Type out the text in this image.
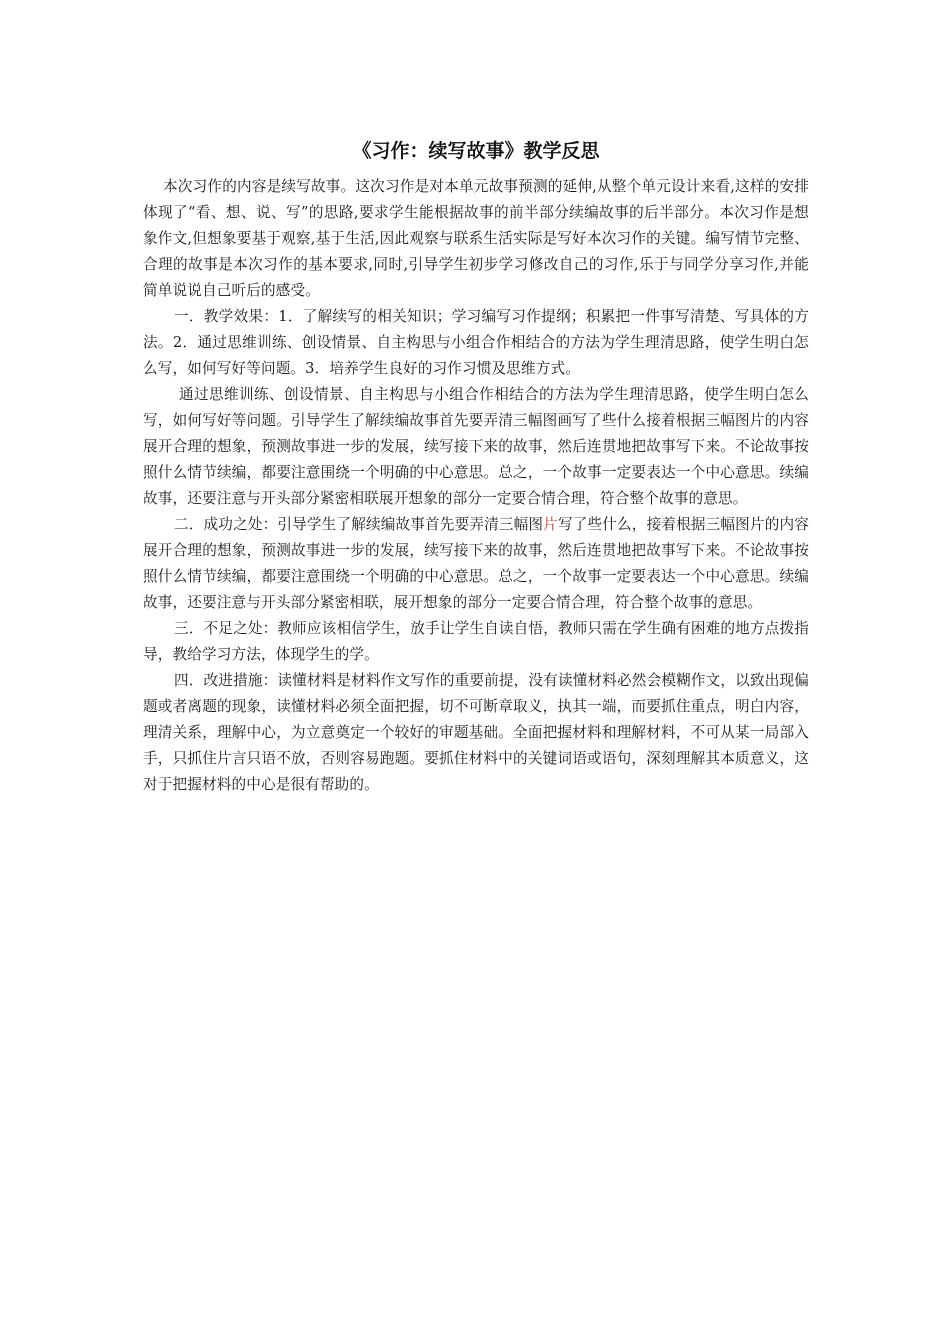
《习作：续写故事》教学反思

本次习作的内容是续写故事。这次习作是对本单元故事预测的延伸,从整个单元设计来看,这样的安排体现了“看、想、说、写”的思路,要求学生能根据故事的前半部分续编故事的后半部分。本次习作是想象作文,但想象要基于观察,基于生活,因此观察与联系生活实际是写好本次习作的关键。编写情节完整、合理的故事是本次习作的基本要求,同时,引导学生初步学习修改自己的习作,乐于与同学分享习作,并能简单说说自己听后的感受。

一．教学效果：1．了解续写的相关知识；学习编写习作提纲；积累把一件事写清楚、写具体的方法。2．通过思维训练、创设情景、自主构思与小组合作相结合的方法为学生理清思路，使学生明白怎么写，如何写好等问题。3．培养学生良好的习作习惯及思维方式。

通过思维训练、创设情景、自主构思与小组合作相结合的方法为学生理清思路，使学生明白怎么写，如何写好等问题。引导学生了解续编故事首先要弄清三幅图画写了些什么接着根据三幅图片的内容展开合理的想象，预测故事进一步的发展，续写接下来的故事，然后连贯地把故事写下来。不论故事按照什么情节续编，都要注意围绕一个明确的中心意思。总之，一个故事一定要表达一个中心意思。续编故事，还要注意与开头部分紧密相联展开想象的部分一定要合情合理，符合整个故事的意思。

二．成功之处：引导学生了解续编故事首先要弄清三幅图片写了些什么，接着根据三幅图片的内容展开合理的想象，预测故事进一步的发展，续写接下来的故事，然后连贯地把故事写下来。不论故事按照什么情节续编，都要注意围绕一个明确的中心意思。总之，一个故事一定要表达一个中心意思。续编故事，还要注意与开头部分紧密相联，展开想象的部分一定要合情合理，符合整个故事的意思。

三．不足之处：教师应该相信学生，放手让学生自读自悟，教师只需在学生确有困难的地方点拨指导，教给学习方法，体现学生的学。

四．改进措施：读懂材料是材料作文写作的重要前提，没有读懂材料必然会模糊作文，以致出现偏题或者离题的现象，读懂材料必须全面把握，切不可断章取义，执其一端，而要抓住重点，明白内容，理清关系，理解中心，为立意奠定一个较好的审题基础。全面把握材料和理解材料，不可从某一局部入手，只抓住片言只语不放，否则容易跑题。要抓住材料中的关键词语或语句，深刻理解其本质意义，这对于把握材料的中心是很有帮助的。
